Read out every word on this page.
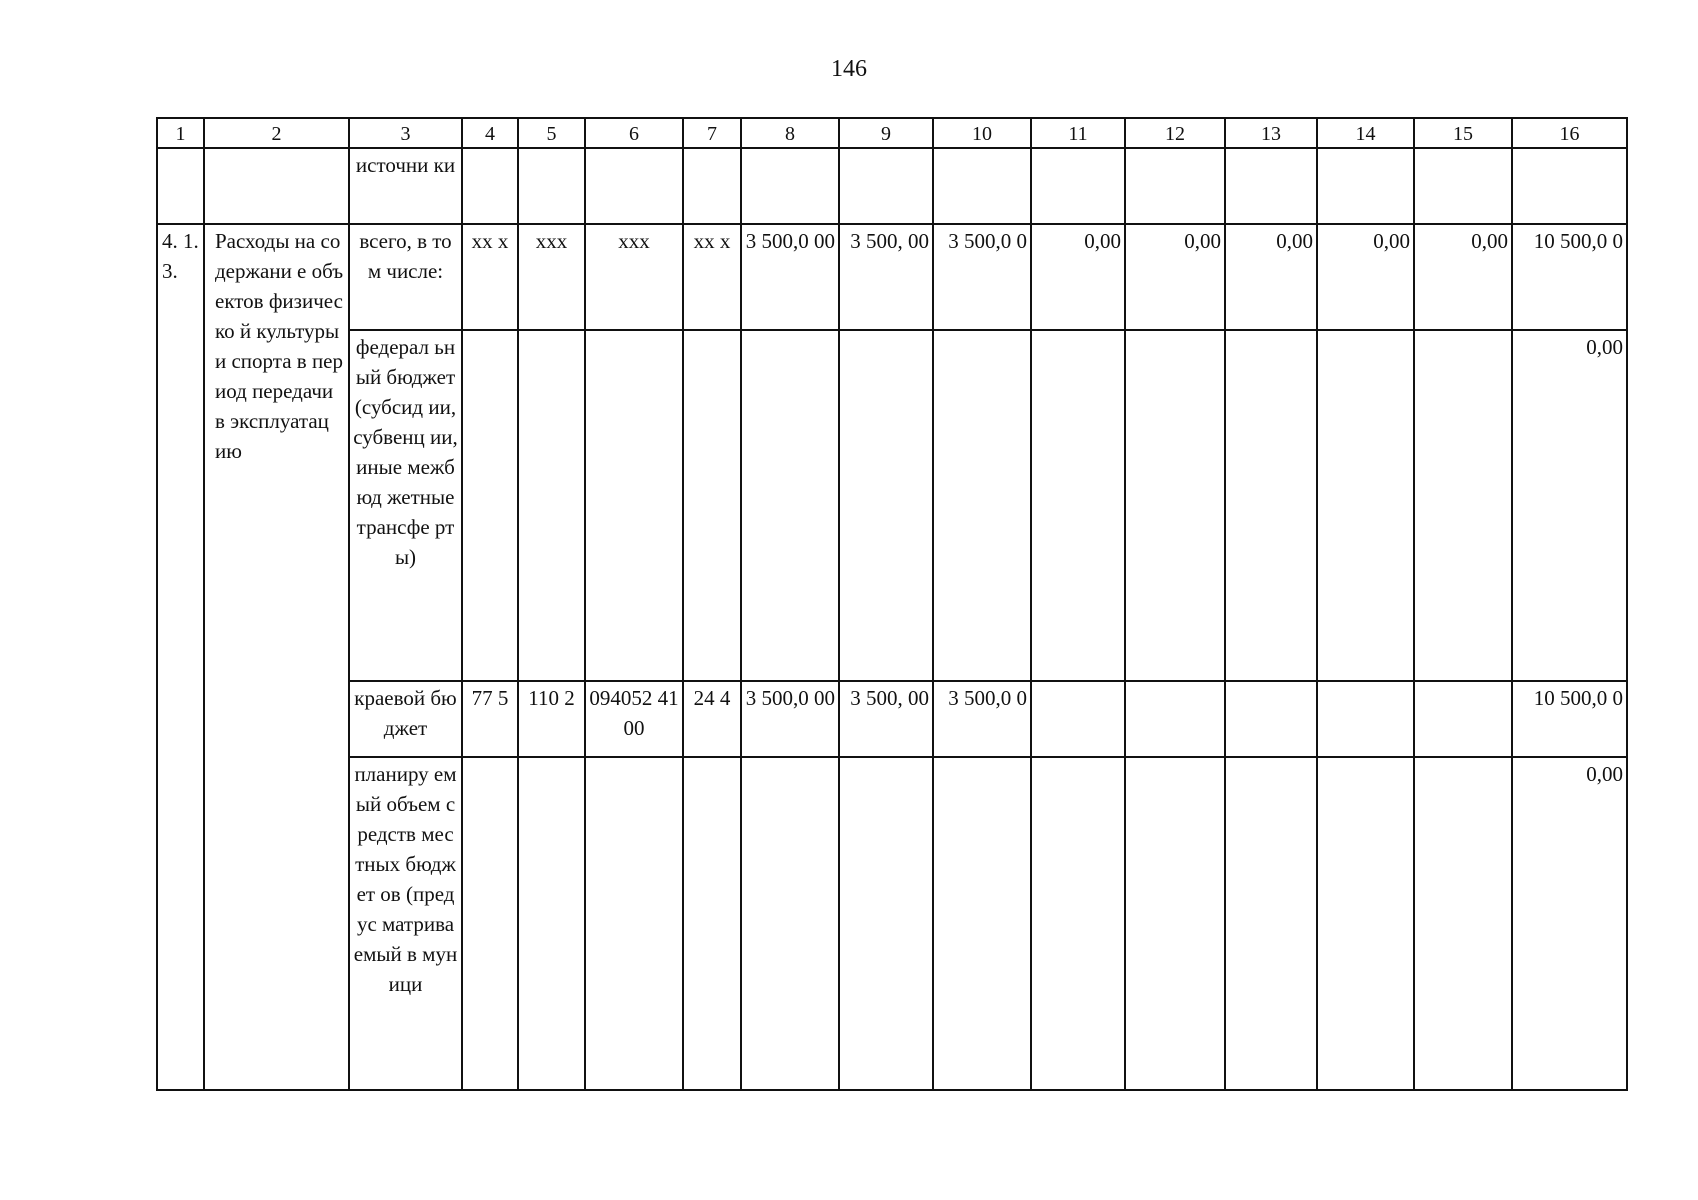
146
1	2	3	4	5	6	7	8	9	10	11	12	13	14	15	16
		источни ки													
4. 1. 3.	Расходы на содержани е объектов физическо й культуры и спорта в период передачи в эксплуатац ию	всего, в том числе:	хх х	ххх	ххх	хх х	3 500,0 00	3 500, 00	3 500,0 0	0,00	0,00	0,00	0,00	0,00	10 500,0 0
		федерал ьный бюджет (субсид ии, субвенц ии, иные межбюд жетные трансфе рты)													0,00
		краевой бюджет	77 5	110 2	094052 4100	24 4	3 500,0 00	3 500, 00	3 500,0 0						10 500,0 0
		планиру емый объем средств местных бюджет ов (предус матрива емый в муници													0,00
